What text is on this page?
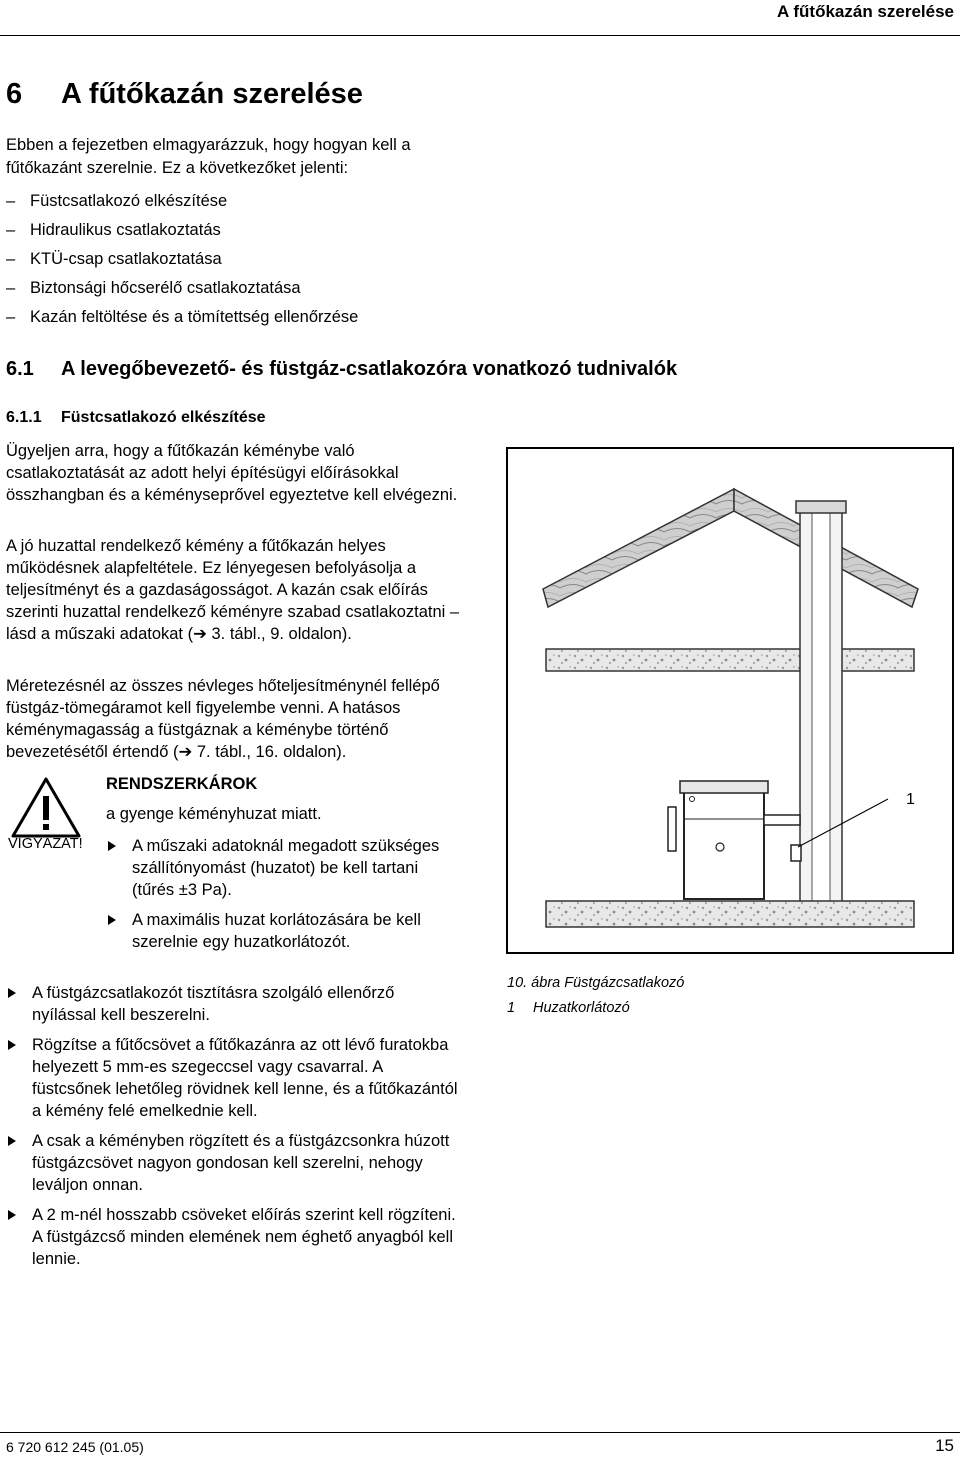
A fűtőkazán szerelése
6 A fűtőkazán szerelése
Ebben a fejezetben elmagyarázzuk, hogy hogyan kell a fűtőkazánt szerelnie. Ez a következőket jelenti:
– Füstcsatlakozó elkészítése
– Hidraulikus csatlakoztatás
– KTÜ-csap csatlakoztatása
– Biztonsági hőcserélő csatlakoztatása
– Kazán feltöltése és a tömítettség ellenőrzése
6.1 A levegőbevezető- és füstgáz-csatlakozóra vonatkozó tudnivalók
6.1.1 Füstcsatlakozó elkészítése

Ügyeljen arra, hogy a fűtőkazán kéménybe való csatlakoztatását az adott helyi építésügyi előírásokkal összhangban és a kéményseprővel egyeztetve kell elvégezni.

A jó huzattal rendelkező kémény a fűtőkazán helyes működésnek alapfeltétele. Ez lényegesen befolyásolja a teljesítményt és a gazdaságosságot. A kazán csak előírás szerinti huzattal rendelkező kéményre szabad csatlakoztatni – lásd a műszaki adatokat (➔ 3. tábl., 9. oldalon).

Méretezésnél az összes névleges hőteljesítménynél fellépő füstgáz-tömegáramot kell figyelembe venni. A hatásos kéménymagasság a füstgáznak a kéménybe történő bevezetésétől értendő (➔ 7. tábl., 16. oldalon).

VIGYÁZAT!
RENDSZERKÁROK
a gyenge kéményhuzat miatt.
A műszaki adatoknál megadott szükséges szállítónyomást (huzatot) be kell tartani (tűrés ±3 Pa).
A maximális huzat korlátozására be kell szerelnie egy huzatkorlátozót.
A füstgázcsatlakozót tisztításra szolgáló ellenőrző nyílással kell beszerelni.
Rögzítse a fűtőcsövet a fűtőkazánra az ott lévő furatokba helyezett 5 mm-es szegeccsel vagy csavarral. A füstcsőnek lehetőleg rövidnek kell lenne, és a fűtőkazántól a kémény felé emelkednie kell.
A csak a kéményben rögzített és a füstgázcsonkra húzott füstgázcsövet nagyon gondosan kell szerelni, nehogy leváljon onnan.
A 2 m-nél hosszabb csöveket előírás szerint kell rögzíteni. A füstgázcső minden elemének nem éghető anyagból kell lennie.
1
10. ábra Füstgázcsatlakozó
1 Huzatkorlátozó
6 720 612 245 (01.05)	15
